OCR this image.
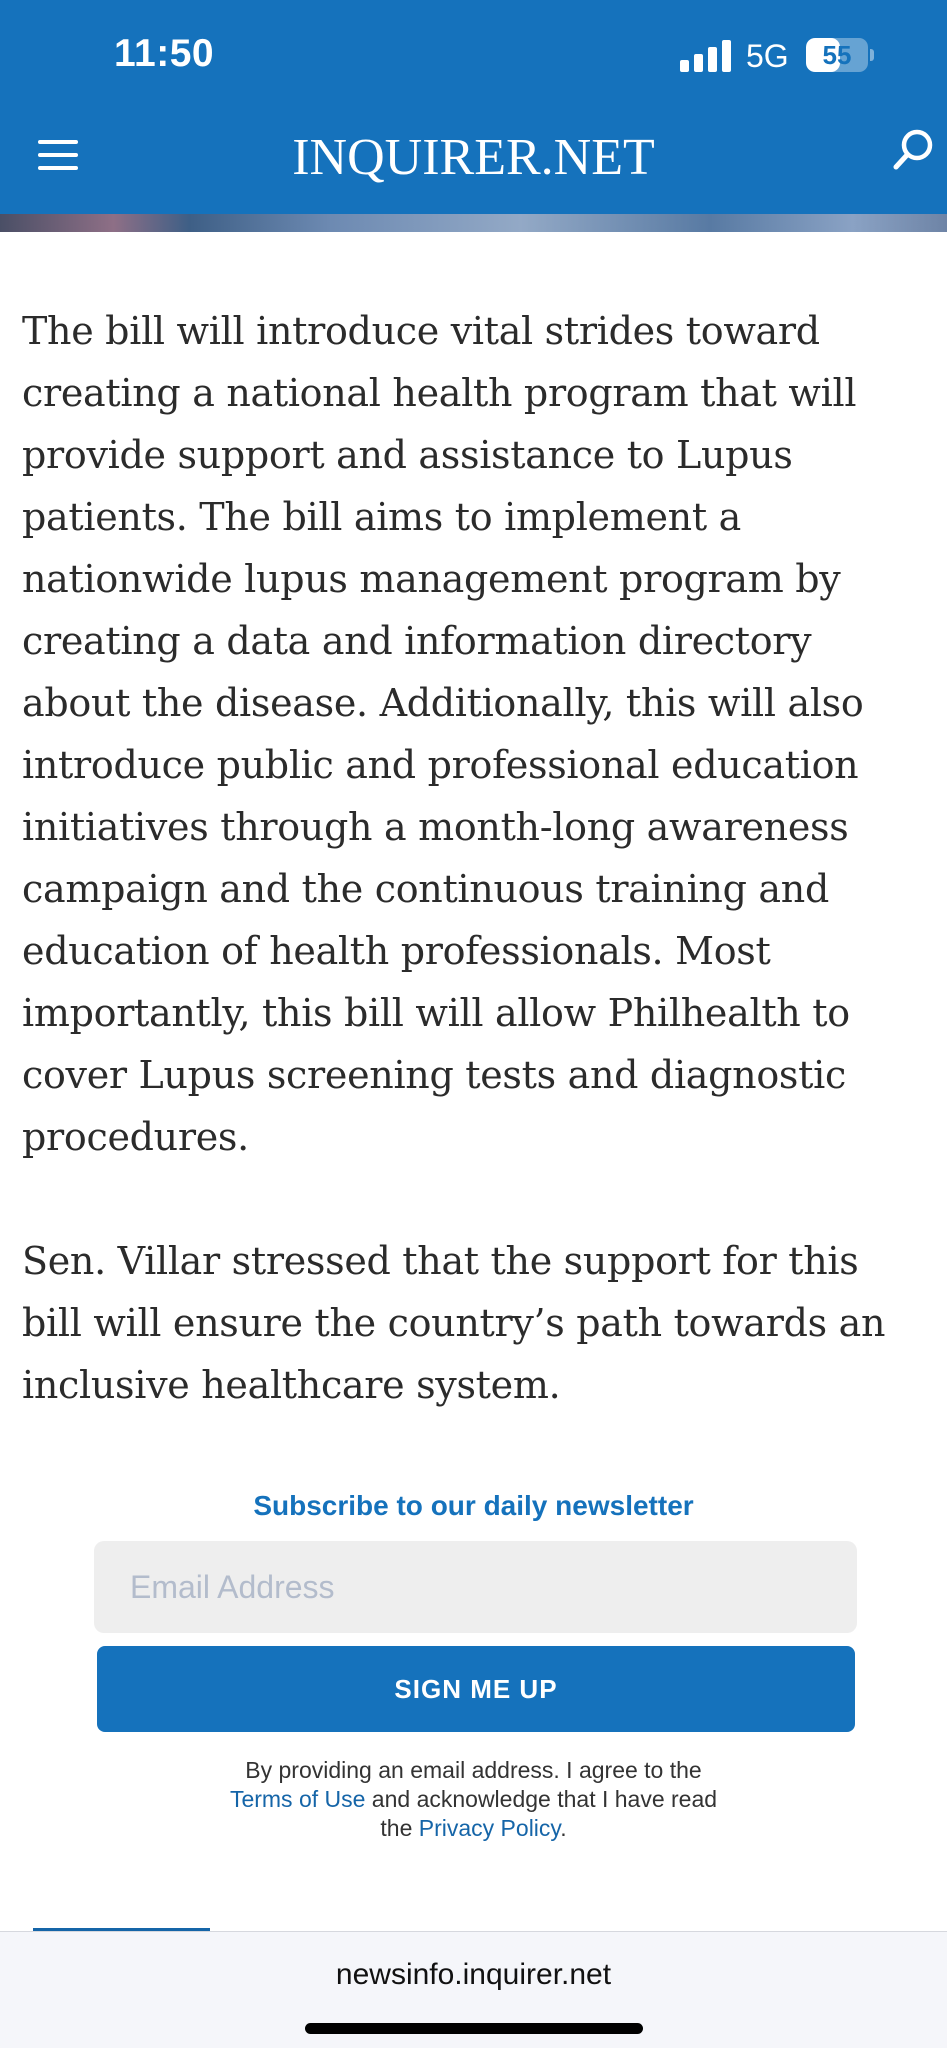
11:50	5G	55
INQUIRER.NET

The bill will introduce vital strides toward creating a national health program that will provide support and assistance to Lupus patients. The bill aims to implement a nationwide lupus management program by creating a data and information directory about the disease. Additionally, this will also introduce public and professional education initiatives through a month-long awareness campaign and the continuous training and education of health professionals. Most importantly, this bill will allow Philhealth to cover Lupus screening tests and diagnostic procedures.

Sen. Villar stressed that the support for this bill will ensure the country’s path towards an inclusive healthcare system.

Subscribe to our daily newsletter
Email Address
SIGN ME UP
By providing an email address. I agree to the
Terms of Use and acknowledge that I have read
the Privacy Policy.
newsinfo.inquirer.net
